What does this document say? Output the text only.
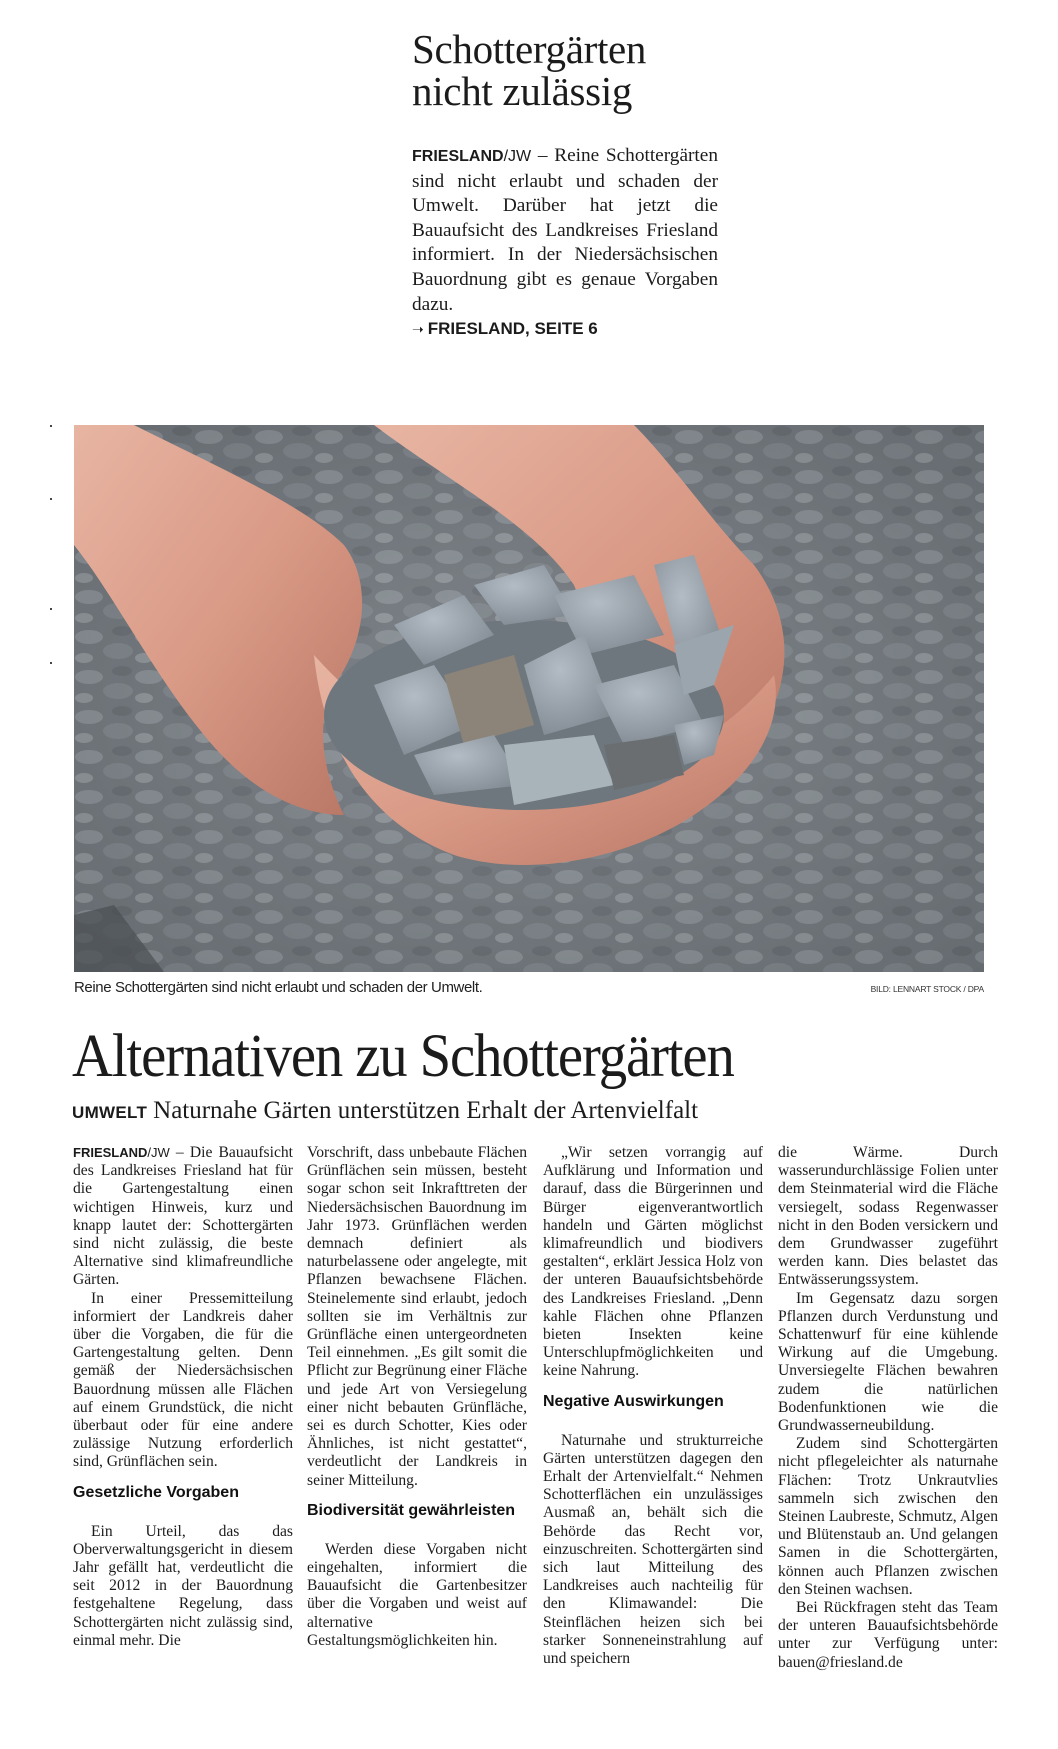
Schottergärten
nicht zulässig
FRIESLAND/JW – Reine Schottergärten sind nicht erlaubt und schaden der Umwelt. Darüber hat jetzt die Bauaufsicht des Landkreises Friesland informiert. In der Niedersächsischen Bauordnung gibt es genaue Vorgaben dazu.
➝ FRIESLAND, SEITE 6
Reine Schottergärten sind nicht erlaubt und schaden der Umwelt.	BILD: LENNART STOCK / DPA
Alternativen zu Schottergärten
UMWELT Naturnahe Gärten unterstützen Erhalt der Artenvielfalt

FRIESLAND/JW – Die Bauaufsicht des Landkreises Friesland hat für die Gartengestaltung einen wichtigen Hinweis, kurz und knapp lautet der: Schottergärten sind nicht zulässig, die beste Alternative sind klimafreundliche Gärten.

In einer Pressemitteilung informiert der Landkreis daher über die Vorgaben, die für die Gartengestaltung gelten. Denn gemäß der Niedersächsischen Bauordnung müssen alle Flächen auf einem Grundstück, die nicht überbaut oder für eine andere zulässige Nutzung erforderlich sind, Grünflächen sein.

Gesetzliche Vorgaben

Ein Urteil, das das Oberverwaltungsgericht in diesem Jahr gefällt hat, verdeutlicht die seit 2012 in der Bauordnung festgehaltene Regelung, dass Schottergärten nicht zulässig sind, einmal mehr. Die

Vorschrift, dass unbebaute Flächen Grünflächen sein müssen, besteht sogar schon seit Inkrafttreten der Niedersächsischen Bauordnung im Jahr 1973. Grünflächen werden demnach definiert als naturbelassene oder angelegte, mit Pflanzen bewachsene Flächen. Steinelemente sind erlaubt, jedoch sollten sie im Verhältnis zur Grünfläche einen untergeordneten Teil einnehmen. „Es gilt somit die Pflicht zur Begrünung einer Fläche und jede Art von Versiegelung einer nicht bebauten Grünfläche, sei es durch Schotter, Kies oder Ähnliches, ist nicht gestattet“, verdeutlicht der Landkreis in seiner Mitteilung.

Biodiversität gewährleisten

Werden diese Vorgaben nicht eingehalten, informiert die Bauaufsicht die Gartenbesitzer über die Vorgaben und weist auf alternative Gestaltungsmöglichkeiten hin.

„Wir setzen vorrangig auf Aufklärung und Information und darauf, dass die Bürgerinnen und Bürger eigenverantwortlich handeln und Gärten möglichst klimafreundlich und biodivers gestalten“, erklärt Jessica Holz von der unteren Bauaufsichtsbehörde des Landkreises Friesland. „Denn kahle Flächen ohne Pflanzen bieten Insekten keine Unterschlupfmöglichkeiten und keine Nahrung.

Negative Auswirkungen

Naturnahe und strukturreiche Gärten unterstützen dagegen den Erhalt der Artenvielfalt.“ Nehmen Schotterflächen ein unzulässiges Ausmaß an, behält sich die Behörde das Recht vor, einzuschreiten. Schottergärten sind sich laut Mitteilung des Landkreises auch nachteilig für den Klimawandel: Die Steinflächen heizen sich bei starker Sonneneinstrahlung auf und speichern

die Wärme. Durch wasserundurchlässige Folien unter dem Steinmaterial wird die Fläche versiegelt, sodass Regenwasser nicht in den Boden versickern und dem Grundwasser zugeführt werden kann. Dies belastet das Entwässerungssystem.

Im Gegensatz dazu sorgen Pflanzen durch Verdunstung und Schattenwurf für eine kühlende Wirkung auf die Umgebung. Unversiegelte Flächen bewahren zudem die natürlichen Bodenfunktionen wie die Grundwasserneubildung.

Zudem sind Schottergärten nicht pflegeleichter als naturnahe Flächen: Trotz Unkrautvlies sammeln sich zwischen den Steinen Laubreste, Schmutz, Algen und Blütenstaub an. Und gelangen Samen in die Schottergärten, können auch Pflanzen zwischen den Steinen wachsen.

Bei Rückfragen steht das Team der unteren Bauaufsichtsbehörde unter zur Verfügung unter: bauen@friesland.de
